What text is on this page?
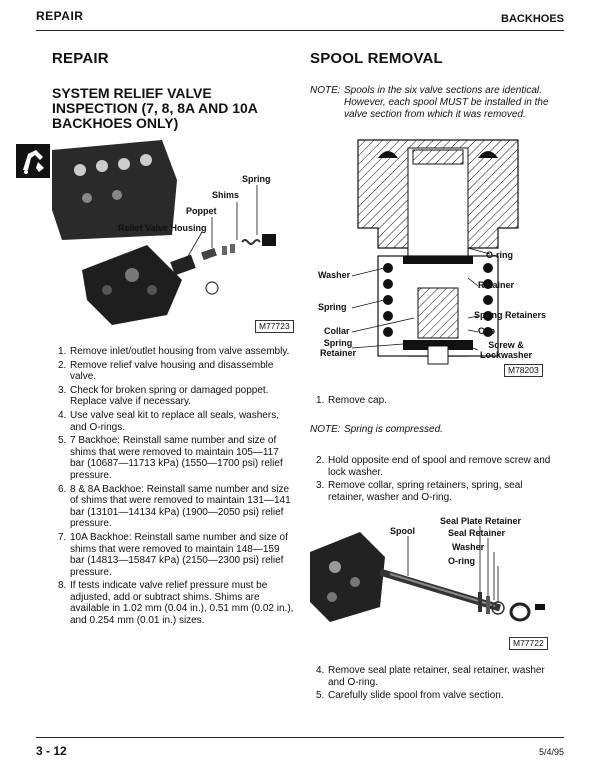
REPAIR	BACKHOES
REPAIR
SYSTEM RELIEF VALVE INSPECTION (7, 8, 8A AND 10A BACKHOES ONLY)
Spring
Shims
Poppet
Relief Valve Housing
M77723
1. Remove inlet/outlet housing from valve assembly.
2. Remove relief valve housing and disassemble valve.
3. Check for broken spring or damaged poppet. Replace valve if necessary.
4. Use valve seal kit to replace all seals, washers, and O-rings.
5. 7 Backhoe: Reinstall same number and size of shims that were removed to maintain 105—117 bar (10687—11713 kPa) (1550—1700 psi) relief pressure.
6. 8 & 8A Backhoe: Reinstall same number and size of shims that were removed to maintain 131—141 bar (13101—14134 kPa) (1900—2050 psi) relief pressure.
7. 10A Backhoe: Reinstall same number and size of shims that were removed to maintain 148—159 bar (14813—15847 kPa) (2150—2300 psi) relief pressure.
8. If tests indicate valve relief pressure must be adjusted, add or subtract shims. Shims are available in 1.02 mm (0.04 in.), 0.51 mm (0.02 in.), and 0.254 mm (0.01 in.) sizes.
SPOOL REMOVAL
NOTE: Spools in the six valve sections are identical. However, each spool MUST be installed in the valve section from which it was removed.
O-ring
Washer
Retainer
Spring
Spring Retainers
Collar	Cap
Spring
Retainer
Screw &
Lockwasher
M78203
1. Remove cap.
NOTE: Spring is compressed.
2. Hold opposite end of spool and remove screw and lock washer.
3. Remove collar, spring retainers, spring, seal retainer, washer and O-ring.
Seal Plate Retainer
Spool	Seal Retainer
Washer
O-ring
M77722
4. Remove seal plate retainer, seal retainer, washer and O-ring.
5. Carefully slide spool from valve section.
3 - 12	5/4/95
